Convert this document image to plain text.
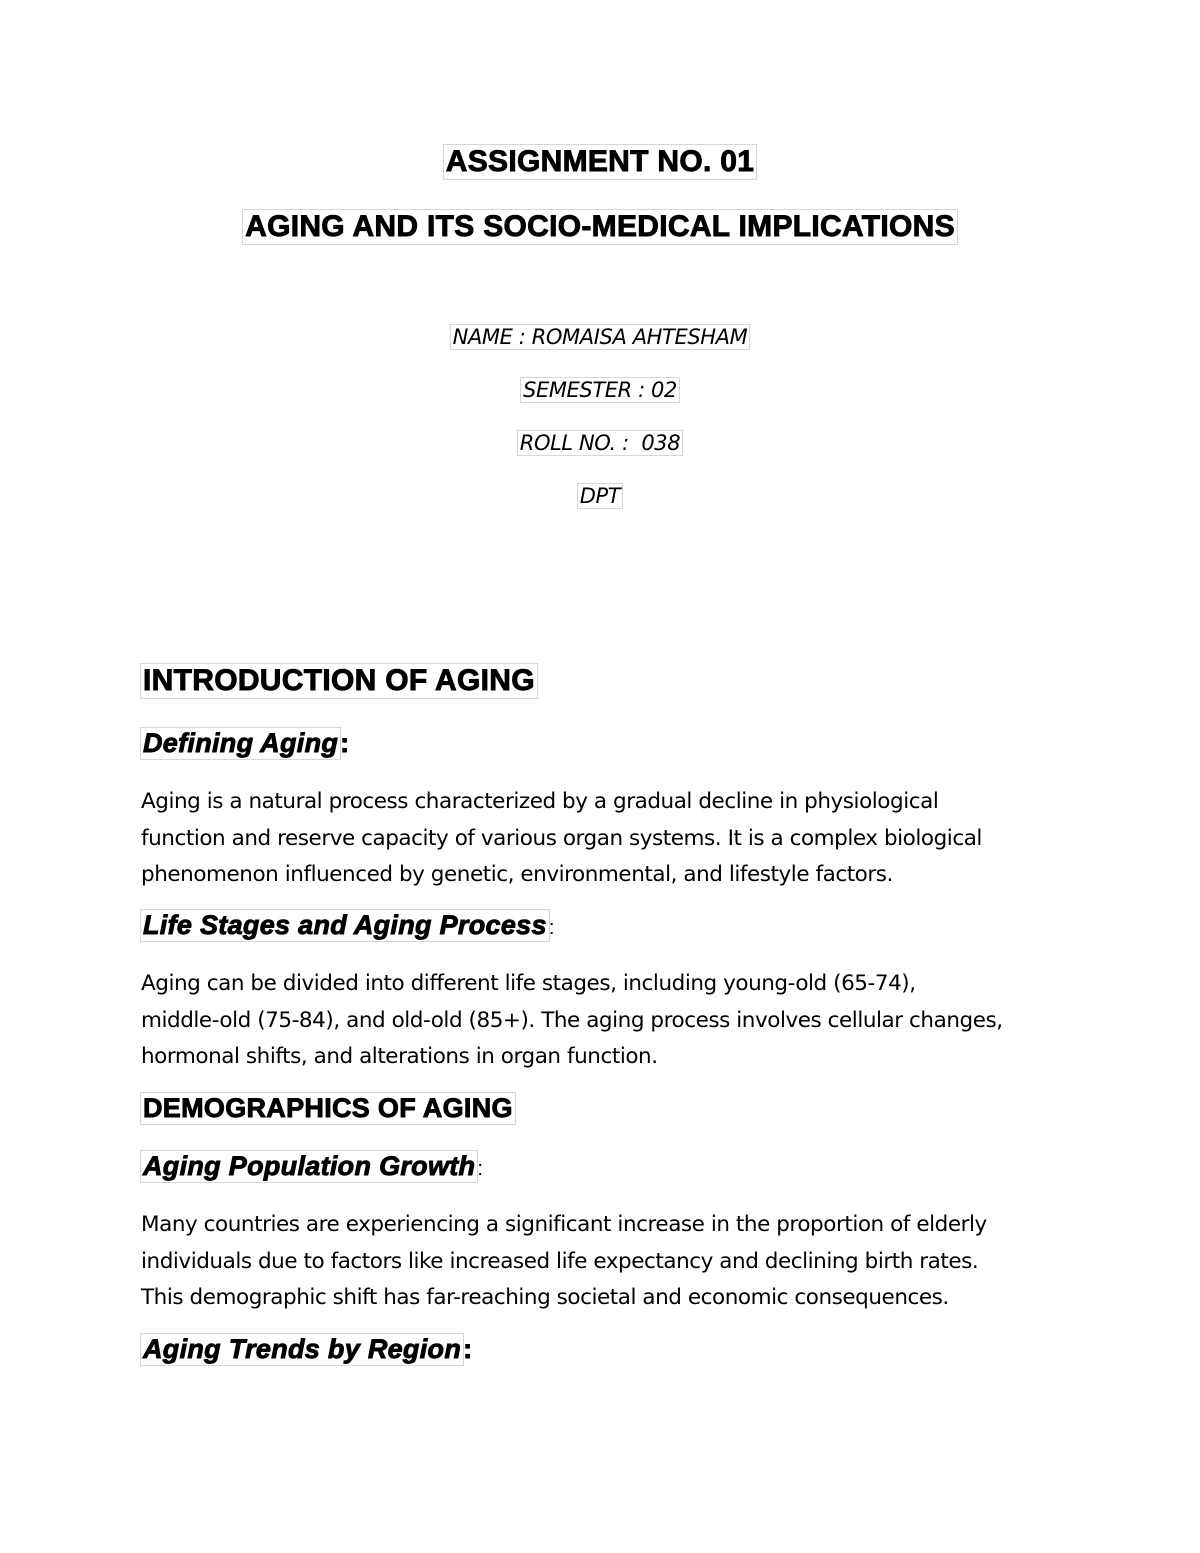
ASSIGNMENT NO. 01
AGING AND ITS SOCIO-MEDICAL IMPLICATIONS
NAME : ROMAISA AHTESHAM
SEMESTER : 02
ROLL NO. :  038
DPT
INTRODUCTION OF AGING
Defining Aging:

Aging is a natural process characterized by a gradual decline in physiological

function and reserve capacity of various organ systems. It is a complex biological

phenomenon influenced by genetic, environmental, and lifestyle factors.

Life Stages and Aging Process :

Aging can be divided into different life stages, including young-old (65-74),

middle-old (75-84), and old-old (85+). The aging process involves cellular changes,

hormonal shifts, and alterations in organ function.

DEMOGRAPHICS OF AGING
Aging Population Growth :

Many countries are experiencing a significant increase in the proportion of elderly

individuals due to factors like increased life expectancy and declining birth rates.

This demographic shift has far-reaching societal and economic consequences.

Aging Trends by Region:
